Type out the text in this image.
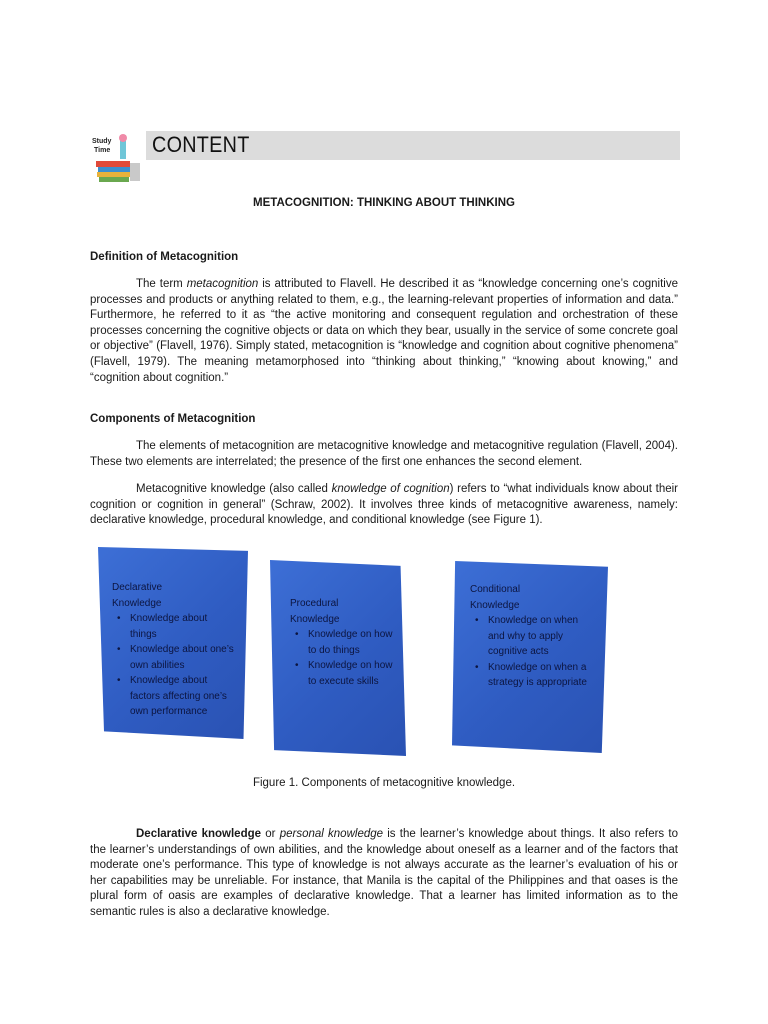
Study
Time CONTENT
METACOGNITION: THINKING ABOUT THINKING
Definition of Metacognition

The term metacognition is attributed to Flavell. He described it as “knowledge concerning one’s cognitive processes and products or anything related to them, e.g., the learning-relevant properties of information and data.” Furthermore, he referred to it as “the active monitoring and consequent regulation and orchestration of these processes concerning the cognitive objects or data on which they bear, usually in the service of some concrete goal or objective” (Flavell, 1976). Simply stated, metacognition is “knowledge and cognition about cognitive phenomena” (Flavell, 1979). The meaning metamorphosed into “thinking about thinking,” “knowing about knowing,” and “cognition about cognition.”

Components of Metacognition

The elements of metacognition are metacognitive knowledge and metacognitive regulation (Flavell, 2004). These two elements are interrelated; the presence of the first one enhances the second element.

Metacognitive knowledge (also called knowledge of cognition) refers to “what individuals know about their cognition or cognition in general” (Schraw, 2002). It involves three kinds of metacognitive awareness, namely: declarative knowledge, procedural knowledge, and conditional knowledge (see Figure 1).

Declarative
Knowledge
• Knowledge about things
• Knowledge about one’s own abilities
• Knowledge about factors affecting one’s own performance
Procedural
Knowledge
• Knowledge on how to do things
• Knowledge on how to execute skills
Conditional
Knowledge
• Knowledge on when and why to apply cognitive acts
• Knowledge on when a strategy is appropriate
Figure 1. Components of metacognitive knowledge.

Declarative knowledge or personal knowledge is the learner’s knowledge about things. It also refers to the learner’s understandings of own abilities, and the knowledge about oneself as a learner and of the factors that moderate one’s performance. This type of knowledge is not always accurate as the learner’s evaluation of his or her capabilities may be unreliable. For instance, that Manila is the capital of the Philippines and that oases is the plural form of oasis are examples of declarative knowledge. That a learner has limited information as to the semantic rules is also a declarative knowledge.
